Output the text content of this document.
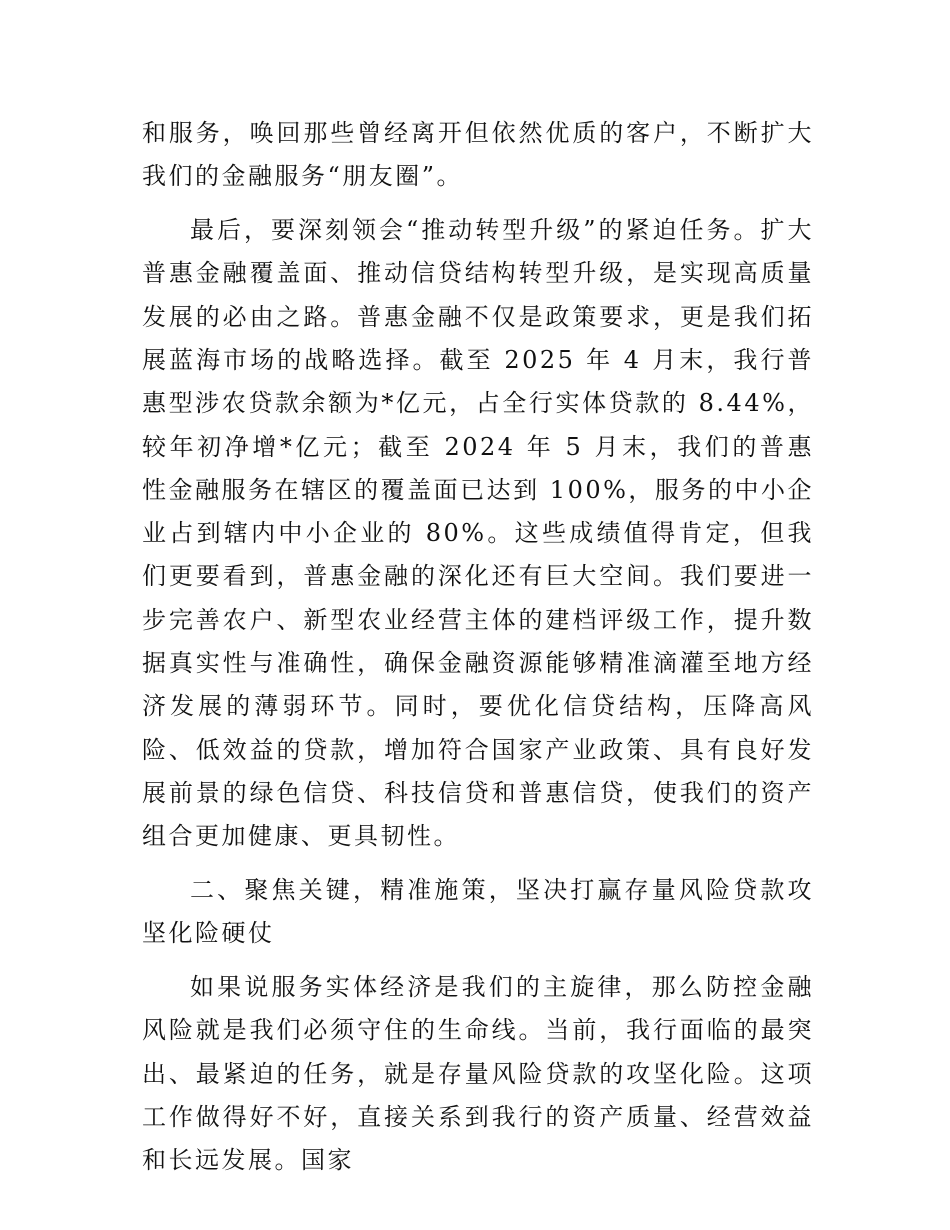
和服务，唤回那些曾经离开但依然优质的客户，不断扩大我们的金融服务“朋友圈”。

最后，要深刻领会“推动转型升级”的紧迫任务。扩大普惠金融覆盖面、推动信贷结构转型升级，是实现高质量发展的必由之路。普惠金融不仅是政策要求，更是我们拓展蓝海市场的战略选择。截至 2025 年 4 月末，我行普惠型涉农贷款余额为*亿元，占全行实体贷款的 8.44%，较年初净增*亿元；截至 2024 年 5 月末，我们的普惠性金融服务在辖区的覆盖面已达到 100%，服务的中小企业占到辖内中小企业的 80%。这些成绩值得肯定，但我们更要看到，普惠金融的深化还有巨大空间。我们要进一步完善农户、新型农业经营主体的建档评级工作，提升数据真实性与准确性，确保金融资源能够精准滴灌至地方经济发展的薄弱环节。同时，要优化信贷结构，压降高风险、低效益的贷款，增加符合国家产业政策、具有良好发展前景的绿色信贷、科技信贷和普惠信贷，使我们的资产组合更加健康、更具韧性。

二、聚焦关键，精准施策，坚决打赢存量风险贷款攻坚化险硬仗

如果说服务实体经济是我们的主旋律，那么防控金融风险就是我们必须守住的生命线。当前，我行面临的最突出、最紧迫的任务，就是存量风险贷款的攻坚化险。这项工作做得好不好，直接关系到我行的资产质量、经营效益和长远发展。国家
